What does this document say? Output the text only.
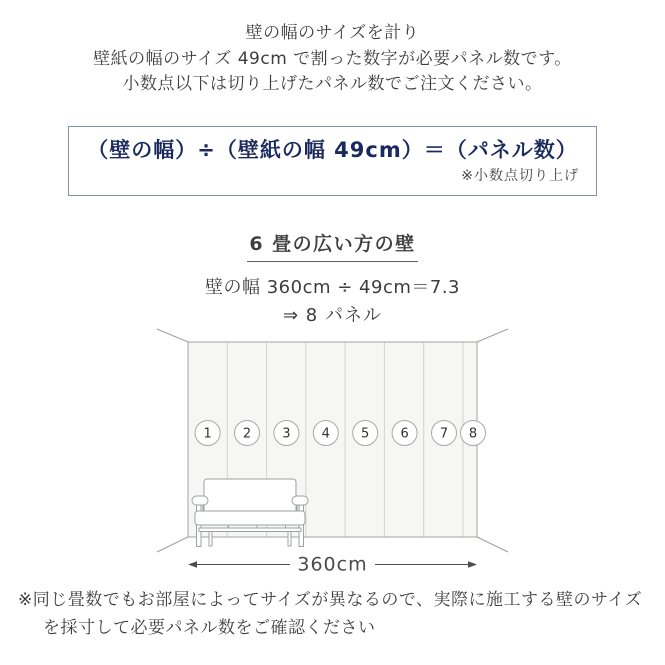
壁の幅のサイズを計り
壁紙の幅のサイズ 49cm で割った数字が必要パネル数です。
小数点以下は切り上げたパネル数でご注文ください。
（壁の幅）÷（壁紙の幅 49cm）＝（パネル数）
※小数点切り上げ
6 畳の広い方の壁
壁の幅 360cm ÷ 49cm＝7.3
⇒ 8 パネル
1 2 3 4 5 6 7 8
360cm
※同じ畳数でもお部屋によってサイズが異なるので、実際に施工する壁のサイズ
を採寸して必要パネル数をご確認ください
